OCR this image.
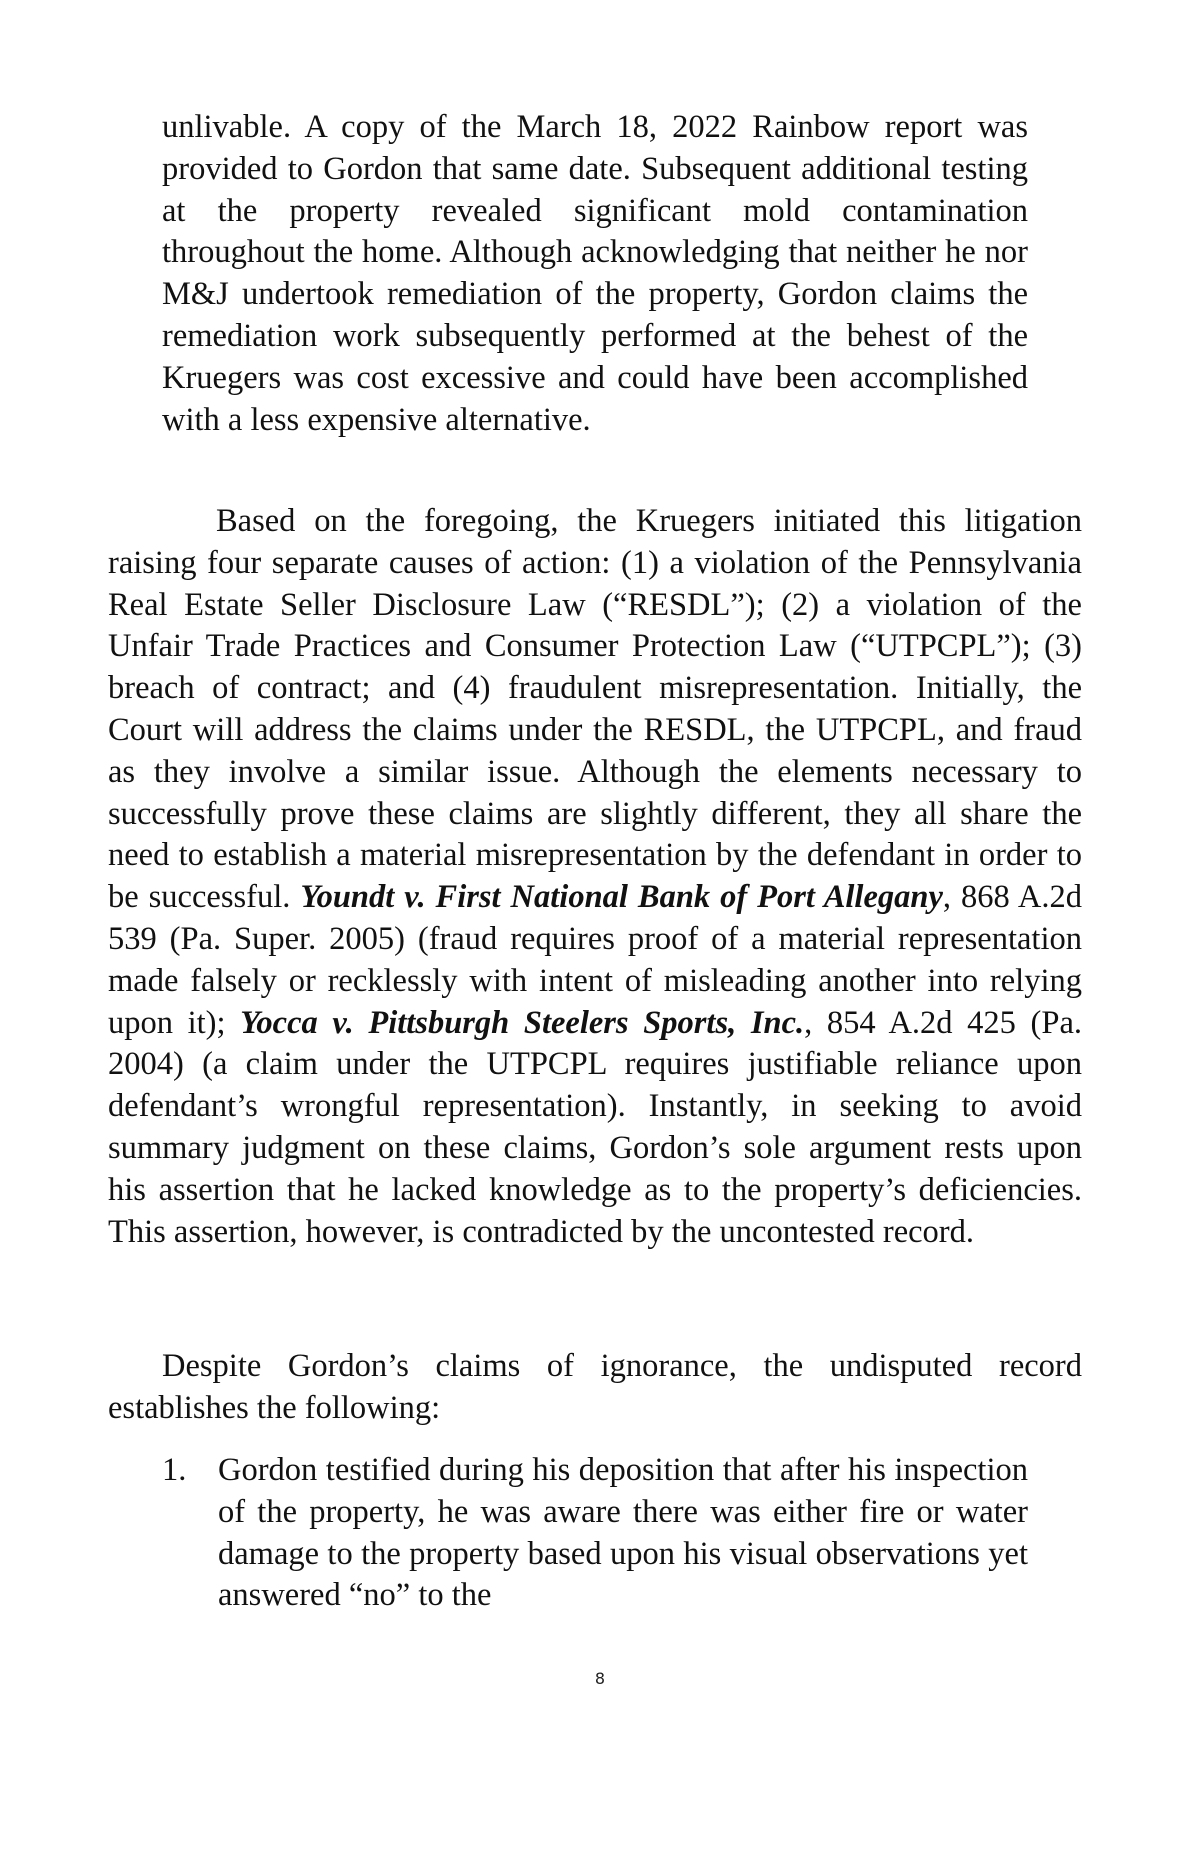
unlivable. A copy of the March 18, 2022 Rainbow report was provided to Gordon that same date. Subsequent additional testing at the property revealed significant mold contamination throughout the home. Although acknowledging that neither he nor M&J undertook remediation of the property, Gordon claims the remediation work subsequently performed at the behest of the Kruegers was cost excessive and could have been accomplished with a less expensive alternative.

Based on the foregoing, the Kruegers initiated this litigation raising four separate causes of action: (1) a violation of the Pennsylvania Real Estate Seller Disclosure Law (“RESDL”); (2) a violation of the Unfair Trade Practices and Consumer Protection Law (“UTPCPL”); (3) breach of contract; and (4) fraudulent misrepresentation. Initially, the Court will address the claims under the RESDL, the UTPCPL, and fraud as they involve a similar issue. Although the elements necessary to successfully prove these claims are slightly different, they all share the need to establish a material misrepresentation by the defendant in order to be successful. Youndt v. First National Bank of Port Allegany, 868 A.2d 539 (Pa. Super. 2005) (fraud requires proof of a material representation made falsely or recklessly with intent of misleading another into relying upon it); Yocca v. Pittsburgh Steelers Sports, Inc., 854 A.2d 425 (Pa. 2004) (a claim under the UTPCPL requires justifiable reliance upon defendant’s wrongful representation). Instantly, in seeking to avoid summary judgment on these claims, Gordon’s sole argument rests upon his assertion that he lacked knowledge as to the property’s deficiencies. This assertion, however, is contradicted by the uncontested record.

Despite Gordon’s claims of ignorance, the undisputed record establishes the following:

1. Gordon testified during his deposition that after his inspection of the property, he was aware there was either fire or water damage to the property based upon his visual observations yet answered “no” to the

8
